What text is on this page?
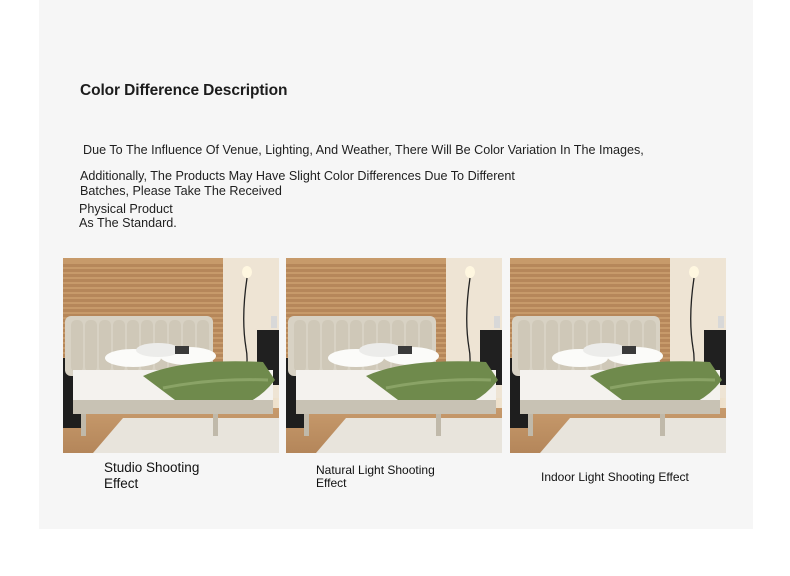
Color Difference Description
Due To The Influence Of Venue, Lighting, And Weather, There Will Be Color Variation In The Images,
Additionally, The Products May Have Slight Color Differences Due To Different
Batches, Please Take The Received
Physical Product
As The Standard.
Studio Shooting
Effect
Natural Light Shooting
Effect	Indoor Light Shooting Effect
